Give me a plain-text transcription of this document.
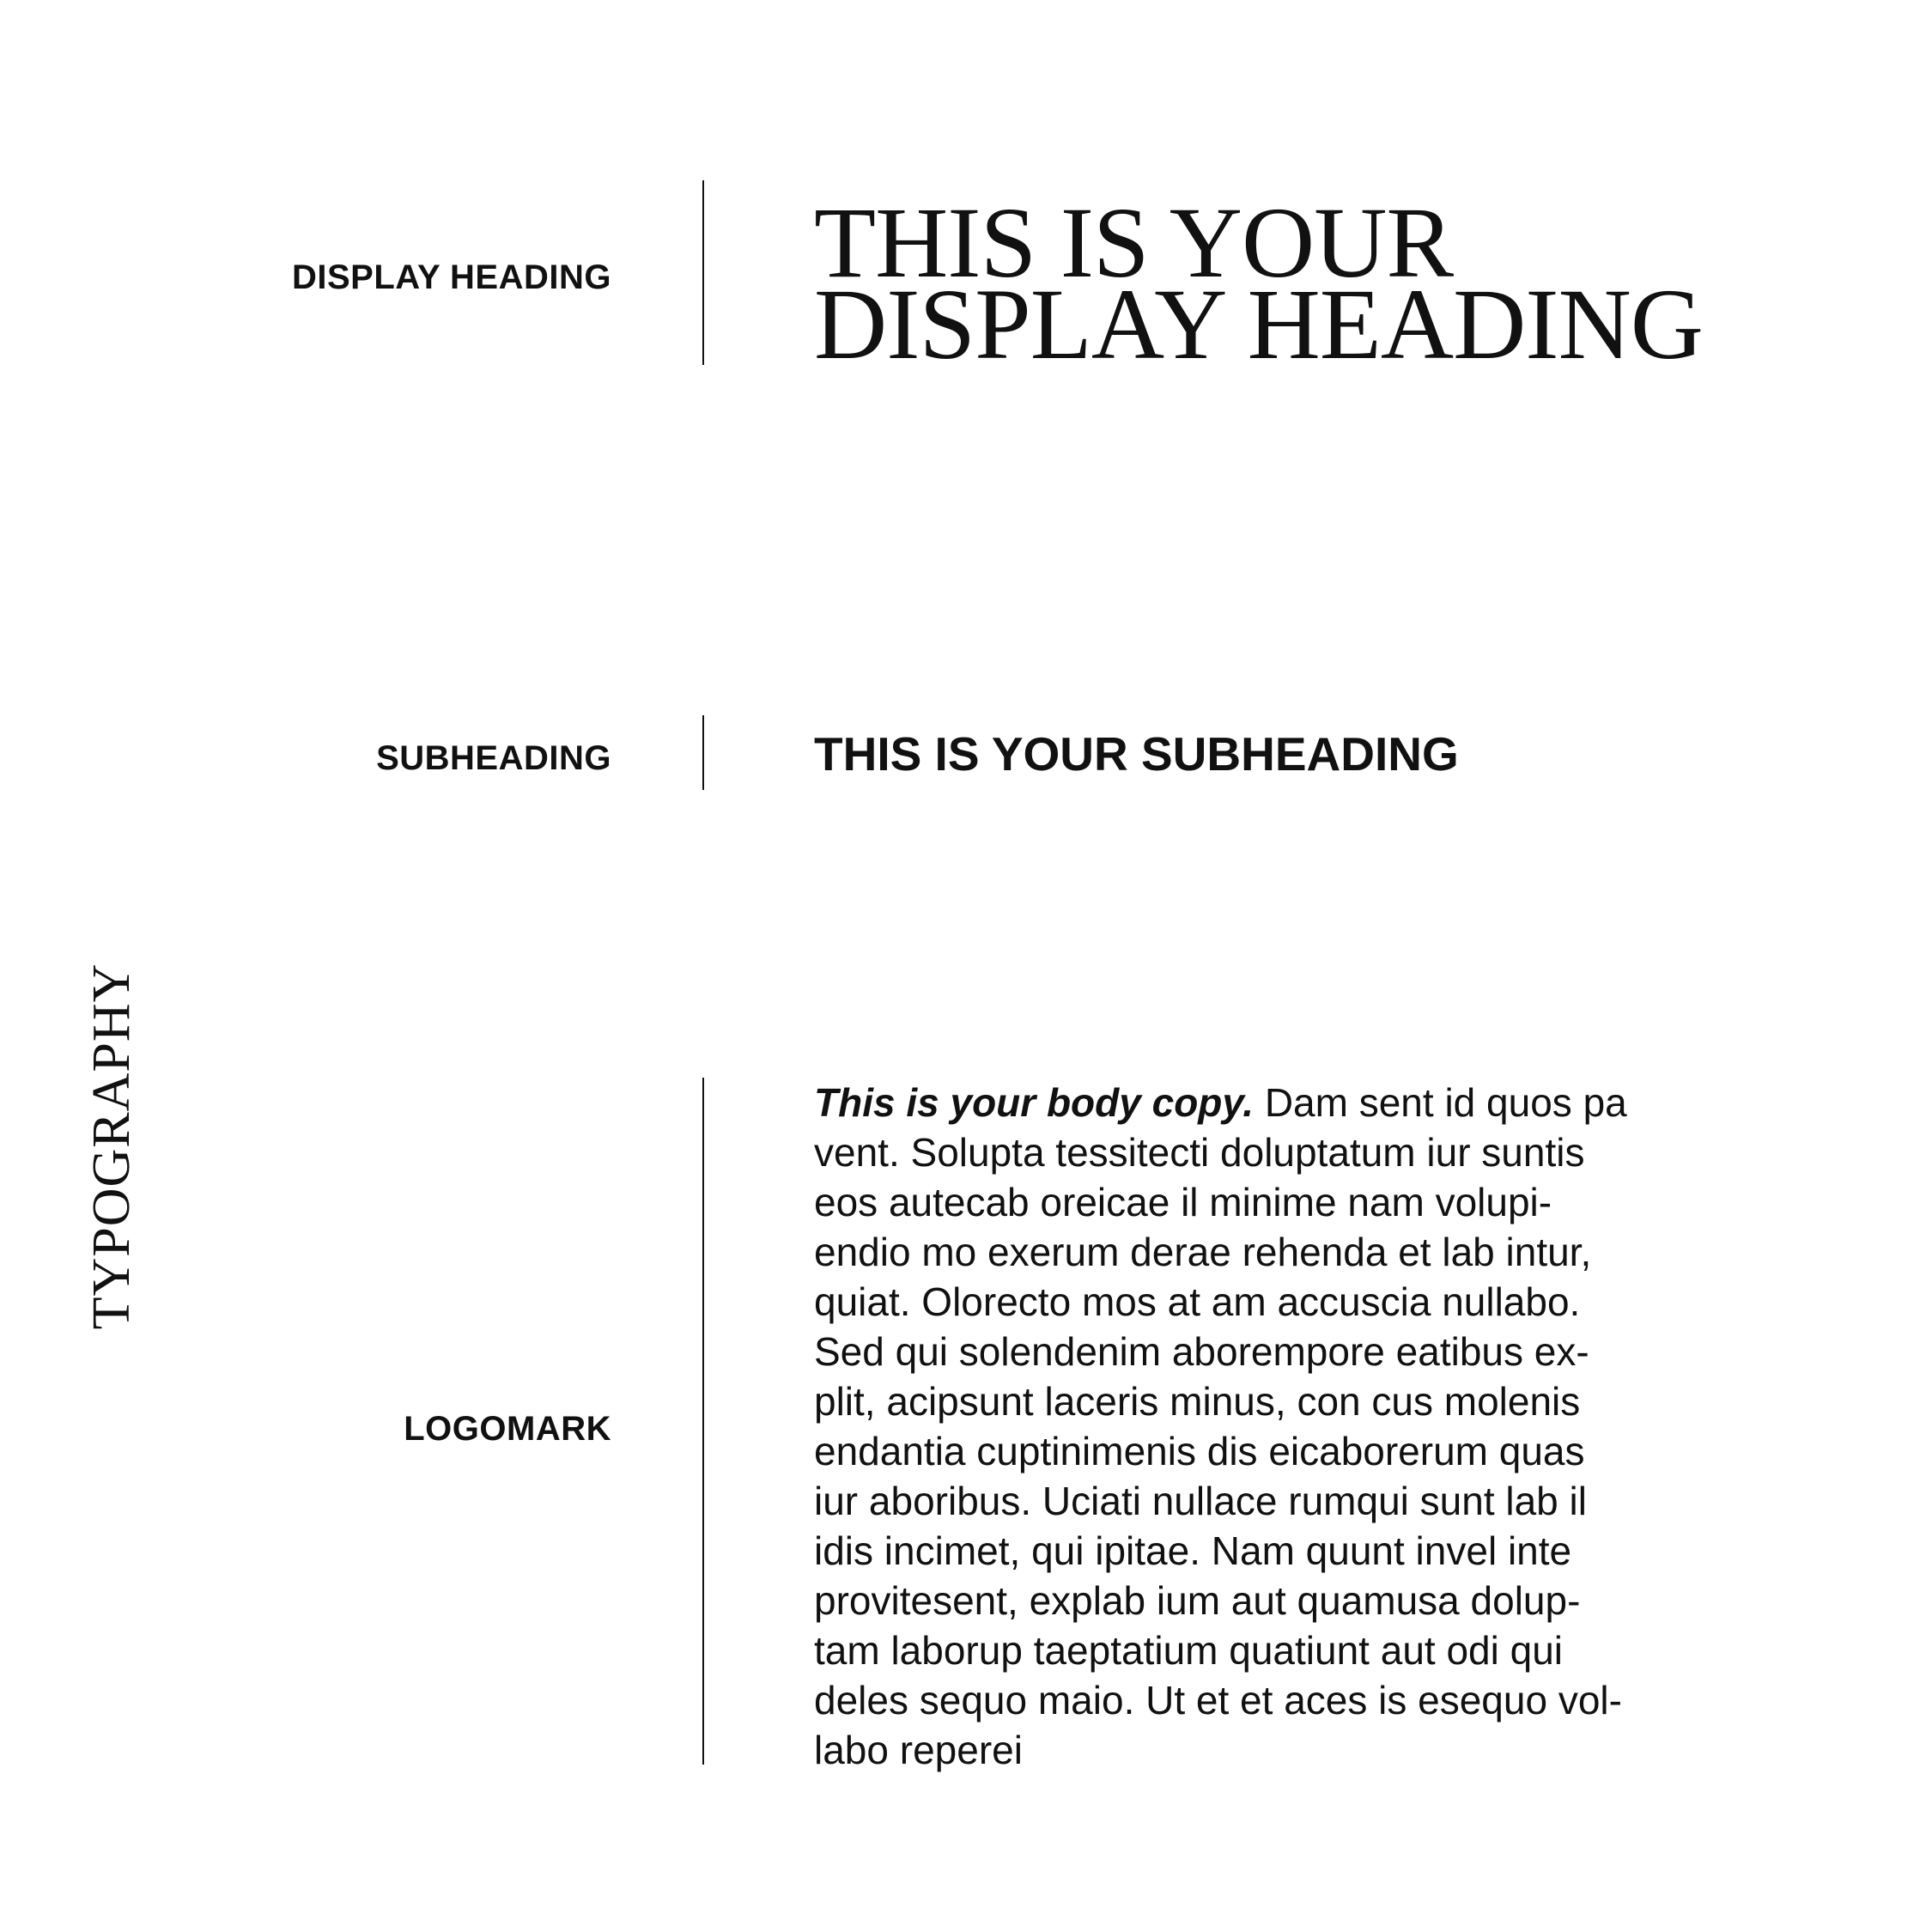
TYPOGRAPHY
DISPLAY HEADING THIS IS YOUR
DISPLAY HEADING
SUBHEADING	THIS IS YOUR SUBHEADING
LOGOMARK
This is your body copy. Dam sent id quos pa
vent. Solupta tessitecti doluptatum iur suntis
eos autecab oreicae il minime nam volupi-
endio mo exerum derae rehenda et lab intur,
quiat. Olorecto mos at am accuscia nullabo.
Sed qui solendenim aborempore eatibus ex-
plit, acipsunt laceris minus, con cus molenis
endantia cuptinimenis dis eicaborerum quas
iur aboribus. Uciati nullace rumqui sunt lab il
idis incimet, qui ipitae. Nam quunt invel inte
provitesent, explab ium aut quamusa dolup-
tam laborup taeptatium quatiunt aut odi qui
deles sequo maio. Ut et et aces is esequo vol-
labo reperei
